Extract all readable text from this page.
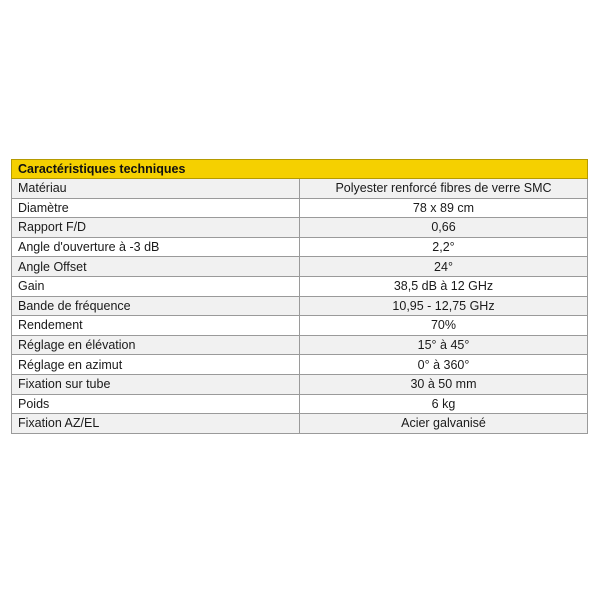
Caractéristiques techniques	
Matériau	Polyester renforcé fibres de verre SMC
Diamètre	78 x 89 cm
Rapport F/D	0,66
Angle d'ouverture à -3 dB	2,2°
Angle Offset	24°
Gain	38,5 dB à 12 GHz
Bande de fréquence	10,95 - 12,75 GHz
Rendement	70%
Réglage en élévation	15° à 45°
Réglage en azimut	0° à 360°
Fixation sur tube	30 à 50 mm
Poids	6 kg
Fixation AZ/EL	Acier galvanisé
